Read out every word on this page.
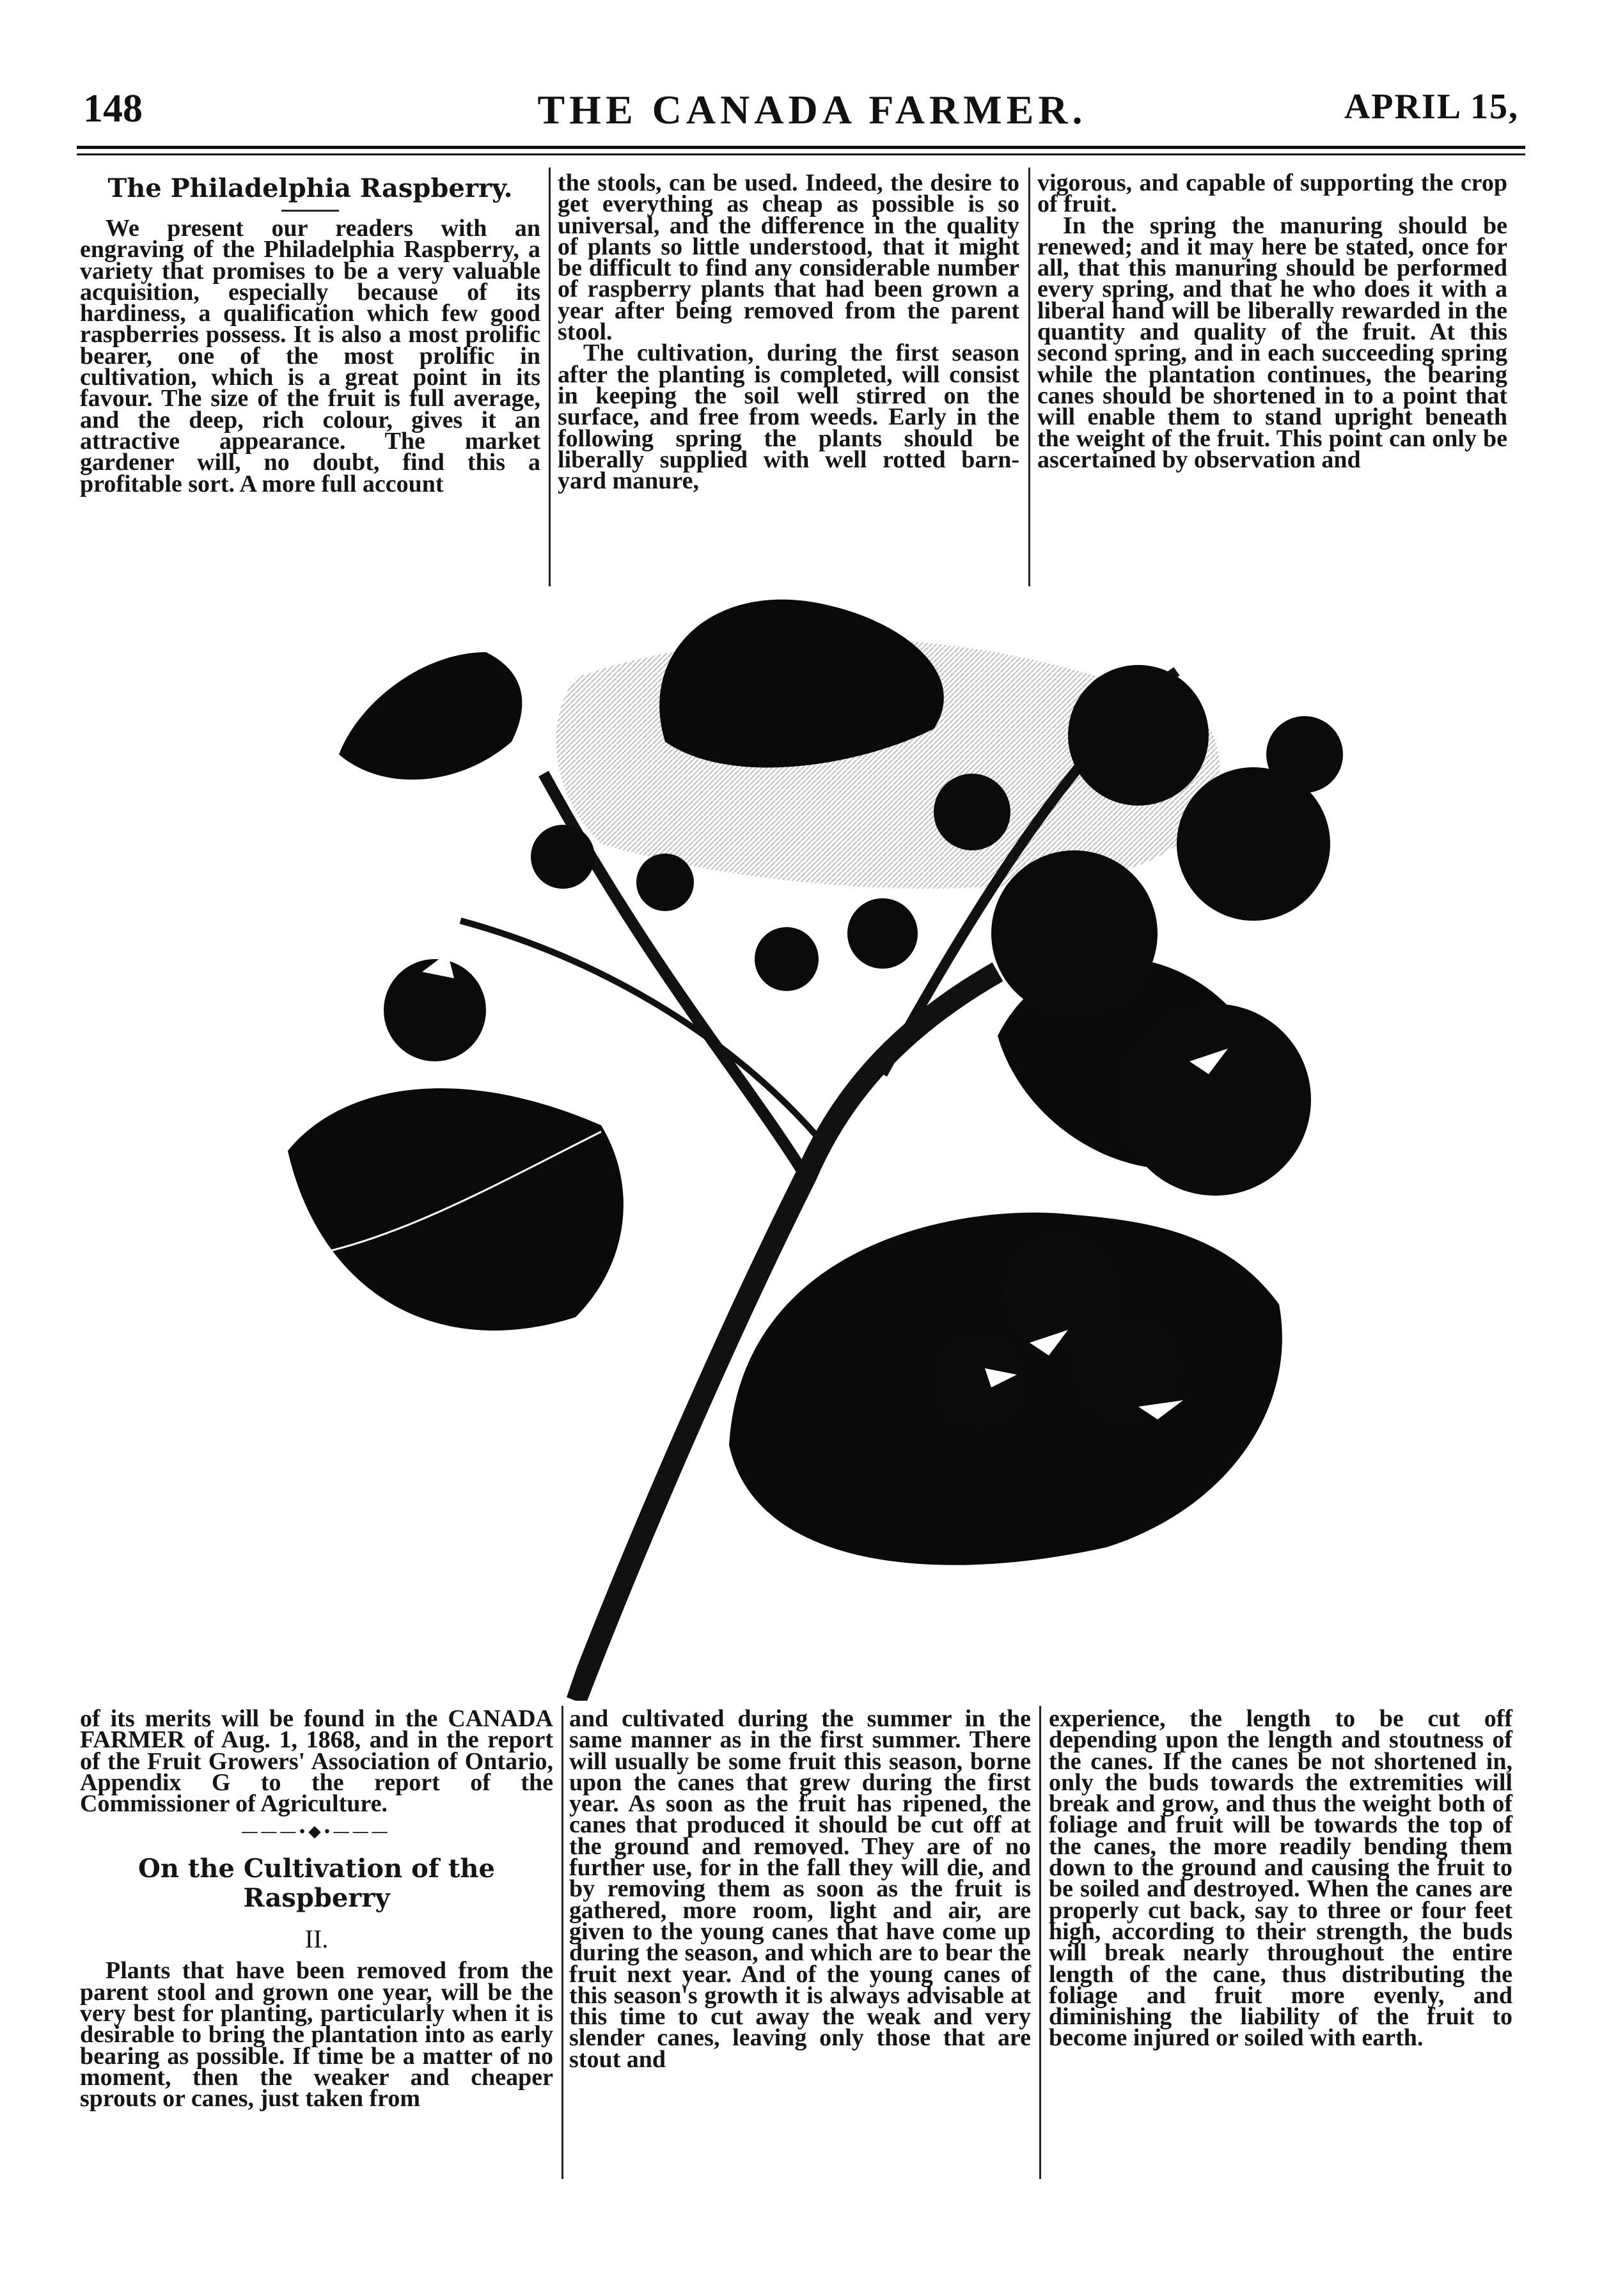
148	THE CANADA FARMER.	APRIL 15,
The Philadelphia Raspberry.

We present our readers with an engraving of the Philadelphia Raspberry, a variety that promises to be a very valuable acquisition, especially because of its hardiness, a qualification which few good raspberries possess. It is also a most prolific bearer, one of the most prolific in cultivation, which is a great point in its favour. The size of the fruit is full average, and the deep, rich colour, gives it an attractive appearance. The market gardener will, no doubt, find this a profitable sort. A more full account

the stools, can be used. Indeed, the desire to get everything as cheap as possible is so universal, and the difference in the quality of plants so little understood, that it might be difficult to find any considerable number of raspberry plants that had been grown a year after being removed from the parent stool.

The cultivation, during the first season after the planting is completed, will consist in keeping the soil well stirred on the surface, and free from weeds. Early in the following spring the plants should be liberally supplied with well rotted barn-yard manure,

vigorous, and capable of supporting the crop of fruit.

In the spring the manuring should be renewed; and it may here be stated, once for all, that this manuring should be performed every spring, and that he who does it with a liberal hand will be liberally rewarded in the quantity and quality of the fruit. At this second spring, and in each succeeding spring while the plantation continues, the bearing canes should be shortened in to a point that will enable them to stand upright beneath the weight of the fruit. This point can only be ascertained by observation and

of its merits will be found in the CANADA FARMER of Aug. 1, 1868, and in the report of the Fruit Growers' Association of Ontario, Appendix G to the report of the Commissioner of Agriculture.

———•◆•———
On the Cultivation of the Raspberry
II.

Plants that have been removed from the parent stool and grown one year, will be the very best for planting, particularly when it is desirable to bring the plantation into as early bearing as possible. If time be a matter of no moment, then the weaker and cheaper sprouts or canes, just taken from

and cultivated during the summer in the same manner as in the first summer. There will usually be some fruit this season, borne upon the canes that grew during the first year. As soon as the fruit has ripened, the canes that produced it should be cut off at the ground and removed. They are of no further use, for in the fall they will die, and by removing them as soon as the fruit is gathered, more room, light and air, are given to the young canes that have come up during the season, and which are to bear the fruit next year. And of the young canes of this season's growth it is always advisable at this time to cut away the weak and very slender canes, leaving only those that are stout and

experience, the length to be cut off depending upon the length and stoutness of the canes. If the canes be not shortened in, only the buds towards the extremities will break and grow, and thus the weight both of foliage and fruit will be towards the top of the canes, the more readily bending them down to the ground and causing the fruit to be soiled and destroyed. When the canes are properly cut back, say to three or four feet high, according to their strength, the buds will break nearly throughout the entire length of the cane, thus distributing the foliage and fruit more evenly, and diminishing the liability of the fruit to become injured or soiled with earth.
